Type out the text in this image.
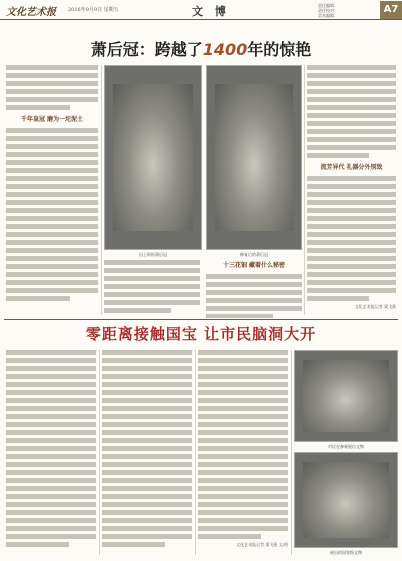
文化艺术报 2016年9月9日 星期五	文 博	责任编辑：
责任校对：
美术编辑：
A7
萧后冠：跨越了1400年的惊艳
千年皇冠 磨为一坨泥土
出土时的萧后冠	修复后的萧后冠
十三花钿 藏着什么秘密
流芳异代 礼器分外别致
文化艺术报记者 梁飞燕
零距离接触国宝 让市民脑洞大开
文化艺术报记者 梁飞燕 文/图
市民在参观展出文物
展出的国家级文物
